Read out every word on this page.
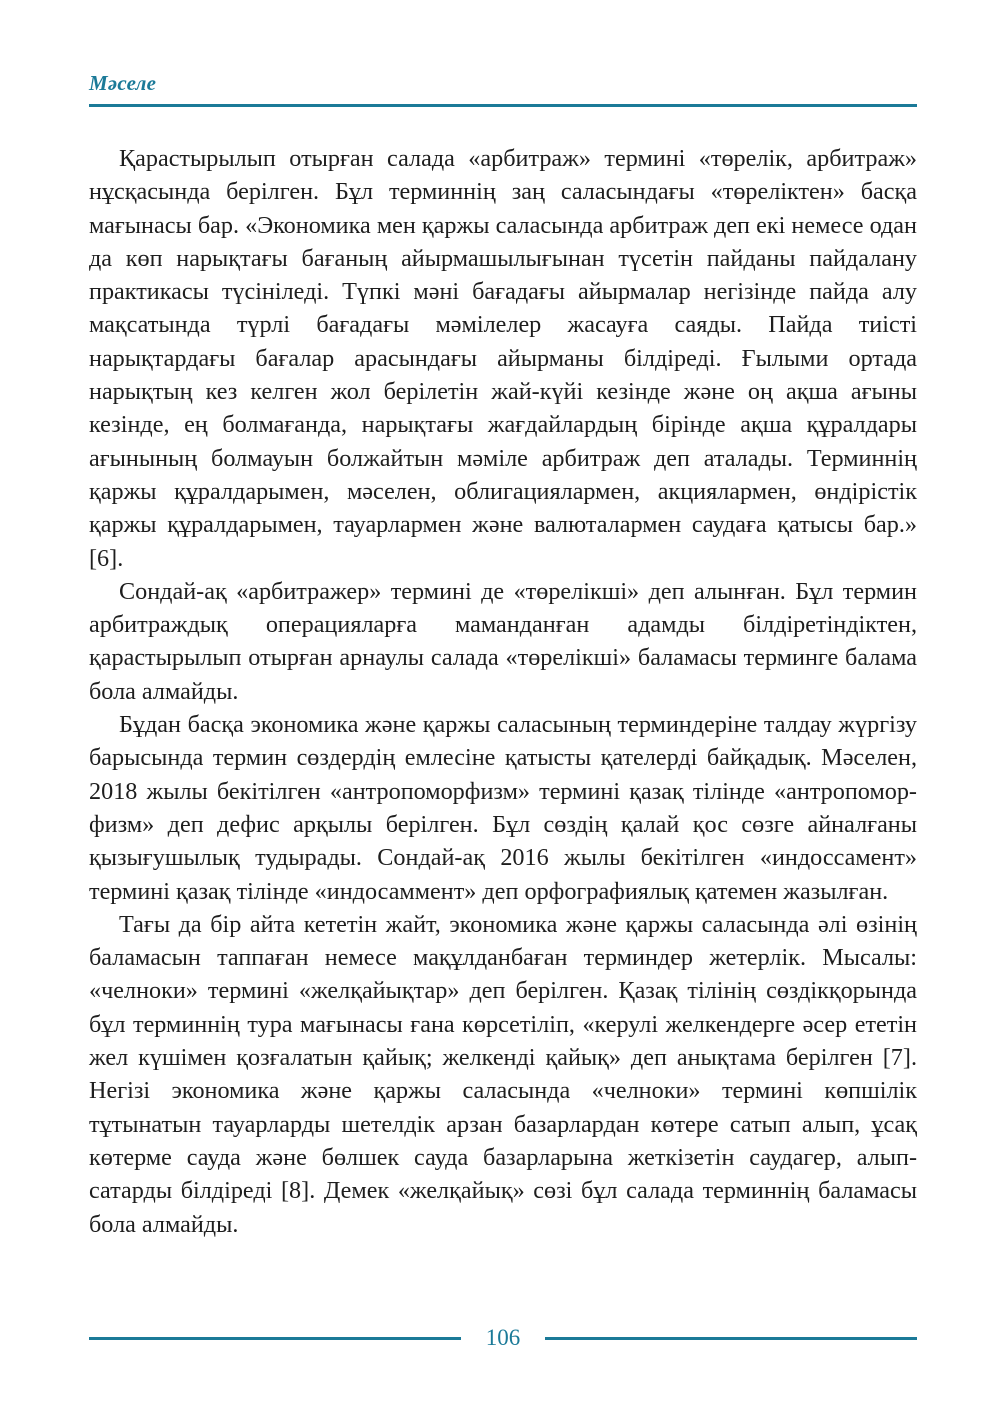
Мәселе

Қарастырылып отырған салада «арбитраж» термині «төрелік, арбитраж» нұсқасында берілген. Бұл терминнің заң саласындағы «төреліктен» басқа мағынасы бар. «Экономика мен қаржы саласында арбитраж деп екі немесе одан да көп нарықтағы бағаның айырмашылығынан түсетін пайданы пайдалану практикасы түсініледі. Түпкі мәні бағадағы айырмалар негізінде пайда алу мақсатында түрлі бағадағы мәмілелер жасауға саяды. Пайда тиісті нарықтардағы бағалар арасындағы айырманы білдіреді. Ғылыми ортада нарықтың кез келген жол берілетін жай-күйі кезінде және оң ақша ағыны кезінде, ең болмағанда, нарықтағы жағдайлардың бірінде ақша құралдары ағынының болмауын болжайтын мәміле арбитраж деп аталады. Терминнің қаржы құралдарымен, мәселен, облигациялармен, акциялармен, өндірістік қаржы құралдарымен, тауарлармен және валюталармен саудаға қатысы бар.» [6].

Сондай-ақ «арбитражер» термині де «төрелікші» деп алынған. Бұл термин арбитраждық операцияларға маманданған адамды білдіретіндіктен, қарастырылып отырған арнаулы салада «төрелікші» баламасы терминге балама бола алмайды.

Бұдан басқа экономика және қаржы саласының терминдеріне талдау жүргізу барысында термин сөздердің емлесіне қатысты қателерді байқадық. Мәселен, 2018 жылы бекітілген «антропоморфизм» термині қазақ тілінде «антропомор-физм» деп дефис арқылы берілген. Бұл сөздің қалай қос сөзге айналғаны қызығушылық тудырады. Сондай-ақ 2016 жылы бекітілген «индоссамент» термині қазақ тілінде «индосаммент» деп орфографиялық қатемен жазылған.

Тағы да бір айта кететін жайт, экономика және қаржы саласында әлі өзінің баламасын таппаған немесе мақұлданбаған терминдер жетерлік. Мысалы: «челноки» термині «желқайықтар» деп берілген. Қазақ тілінің сөздікқорында бұл терминнің тура мағынасы ғана көрсетіліп, «керулі желкендерге әсер ететін жел күшімен қозғалатын қайық; желкенді қайық» деп анықтама берілген [7]. Негізі экономика және қаржы саласында «челноки» термині көпшілік тұтынатын тауарларды шетелдік арзан базарлардан көтере сатып алып, ұсақ көтерме сауда және бөлшек сауда базарларына жеткізетін саудагер, алып-сатарды білдіреді [8]. Демек «желқайық» сөзі бұл салада терминнің баламасы бола алмайды.

106
